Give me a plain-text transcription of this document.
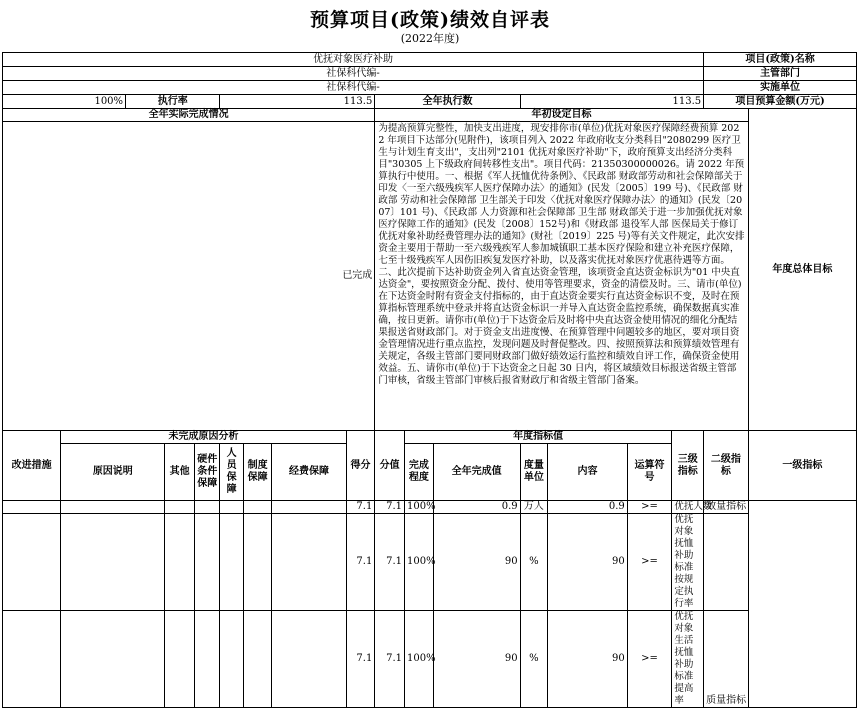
预算项目(政策)绩效自评表
(2022年度)
优抚对象医疗补助																项目(政策)名称	
社保科代编-																主管部门	
社保科代编-																实施单位	
100%		执行率			113.5				全年执行数			113.5				项目预算金额(万元)	
全年实际完成情况									年初设定目标								年度总体目标
已完成									为提高预算完整性，加快支出进度，现安排你市(单位)优抚对象医疗保障经费预算 2022 年项目下达部分(见附件)，该项目列入 2022 年政府收支分类科目"2080299 医疗卫生与计划生育支出"，支出列"2101 优抚对象医疗补助"下，政府预算支出经济分类科目"30305 上下级政府间转移性支出"。项目代码：21350300000026。请 2022 年预算执行中使用。一、根据《军人抚恤优待条例》、《民政部 财政部劳动和社会保障部关于印发〈一至六级残疾军人医疗保障办法〉的通知》(民发〔2005〕199 号)、《民政部 财政部 劳动和社会保障部 卫生部关于印发〈优抚对象医疗保障办法〉的通知》(民发〔2007〕101 号)、《民政部 人力资源和社会保障部 卫生部 财政部关于进一步加强优抚对象医疗保障工作的通知》(民发〔2008〕152号)和《财政部 退役军人部 医保局关于修订优抚对象补助经费管理办法的通知》(财社〔2019〕225 号)等有关文件规定，此次安排资金主要用于帮助一至六级残疾军人参加城镇职工基本医疗保险和建立补充医疗保障，七至十级残疾军人因伤旧疾复发医疗补助，以及落实优抚对象医疗优惠待遇等方面。二、此次提前下达补助资金列入省直达资金管理，该项资金直达资金标识为"01 中央直达资金"，要按照资金分配、拨付、使用等管理要求，资金的清偿及时。三、请市(单位)在下达资金时附有资金支付指标的，由于直达资金要实行直达资金标识不变，及时在预算指标管理系统中登录并将直达资金标识一并导入直达资金监控系统，确保数据真实准确，按日更新。请你市(单位)于下达资金后及时将中央直达资金使用情况的细化分配结果报送省财政部门。对于资金支出进度慢、在预算管理中问题较多的地区，要对项目资金管理情况进行重点监控，发现问题及时督促整改。四、按照预算法和预算绩效管理有关规定，各级主管部门要同财政部门做好绩效运行监控和绩效自评工作，确保资金使用效益。五、请你市(单位)于下达资金之日起 30 日内，将区域绩效目标报送省级主管部门审核，省级主管部门审核后报省财政厅和省级主管部门备案。								
改进措施	未完成原因分析							得分	分值	年度指标值					三级指标	二级指标	一级指标
	原因说明		其他	硬件条件保障	人员保障	制度保障	经费保障			完成程度	全年完成值	度量单位	内容	运算符号			
								7.1	7.1	100%	0.9	万人	0.9	>=	优抚人数	数量指标	
								7.1	7.1	100%	90	%	90	>=	优抚对象抚恤补助标准按规定执行率		
								7.1	7.1	100%	90	%	90	>=	优抚对象生活抚恤补助标准提高率	质量指标	
